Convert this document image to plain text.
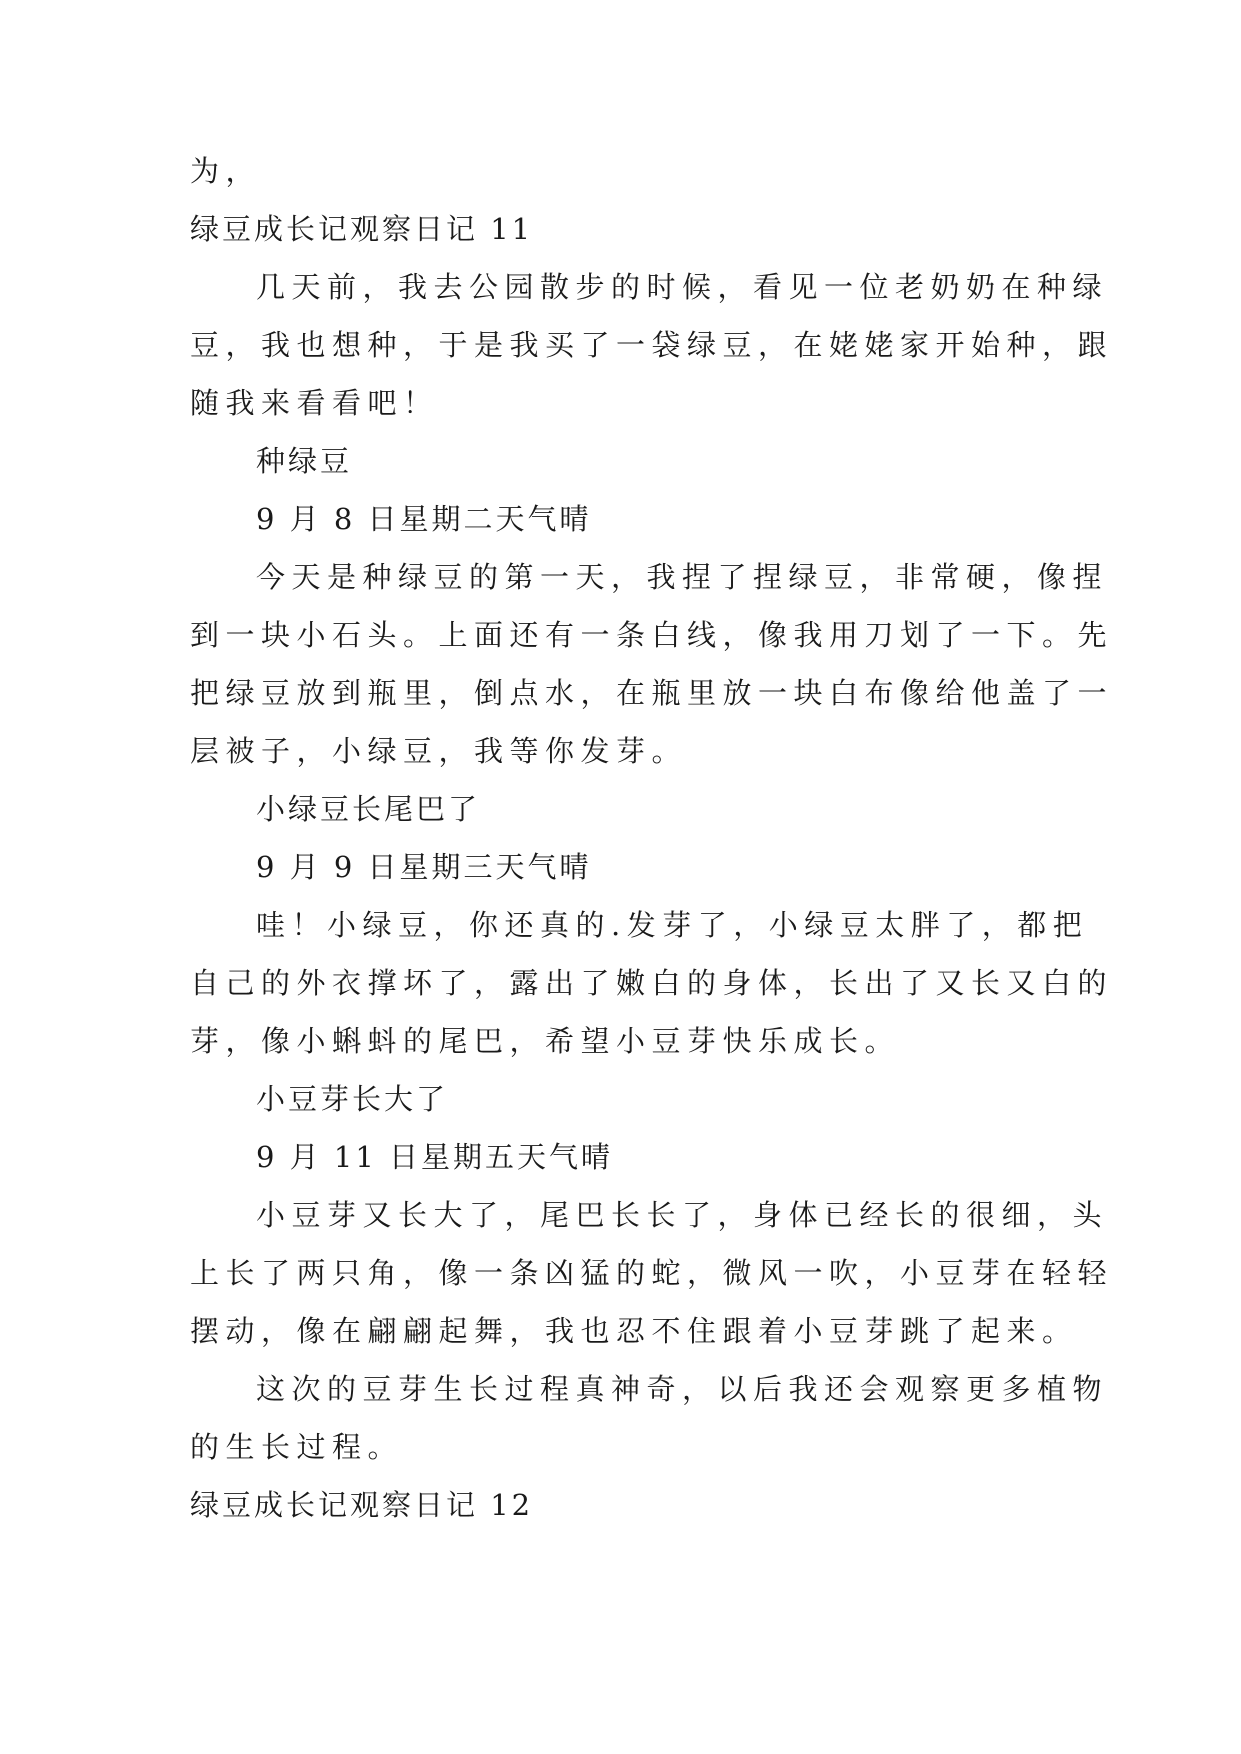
为，
绿豆成长记观察日记 11
几天前，我去公园散步的时候，看见一位老奶奶在种绿
豆，我也想种，于是我买了一袋绿豆，在姥姥家开始种，跟
随我来看看吧！
种绿豆
9 月 8 日星期二天气晴
今天是种绿豆的第一天，我捏了捏绿豆，非常硬，像捏
到一块小石头。上面还有一条白线，像我用刀划了一下。先
把绿豆放到瓶里，倒点水，在瓶里放一块白布像给他盖了一
层被子，小绿豆，我等你发芽。
小绿豆长尾巴了
9 月 9 日星期三天气晴
哇！小绿豆，你还真的.发芽了，小绿豆太胖了，都把
自己的外衣撑坏了，露出了嫩白的身体，长出了又长又白的
芽，像小蝌蚪的尾巴，希望小豆芽快乐成长。
小豆芽长大了
9 月 11 日星期五天气晴
小豆芽又长大了，尾巴长长了，身体已经长的很细，头
上长了两只角，像一条凶猛的蛇，微风一吹，小豆芽在轻轻
摆动，像在翩翩起舞，我也忍不住跟着小豆芽跳了起来。
这次的豆芽生长过程真神奇，以后我还会观察更多植物
的生长过程。
绿豆成长记观察日记 12
